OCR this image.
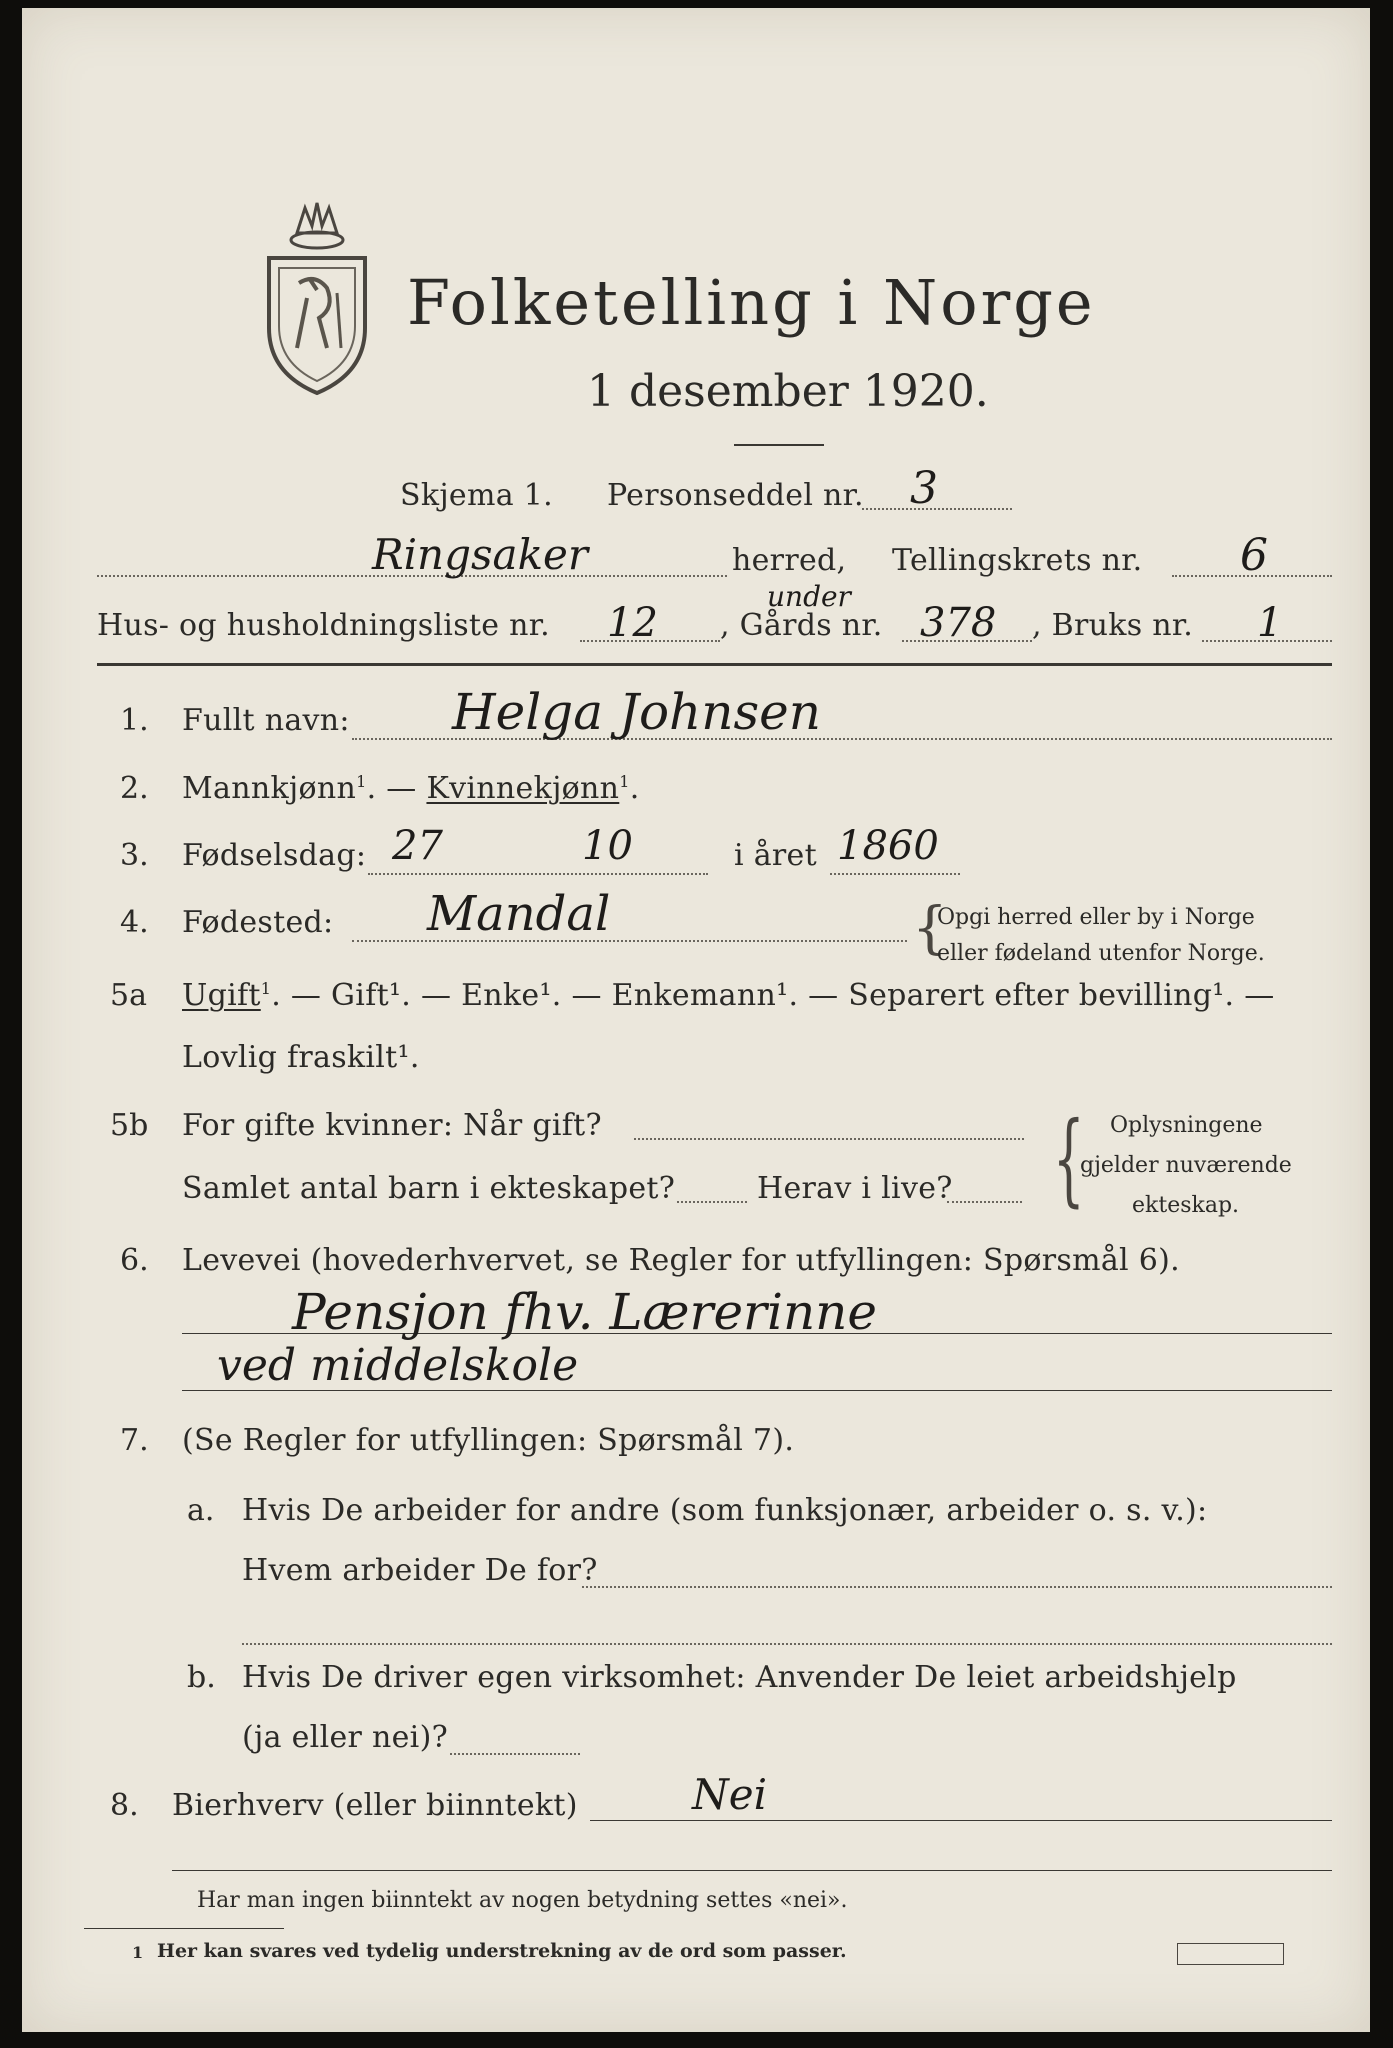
Folketelling i Norge
1 desember 1920.
Skjema 1. Personseddel nr. 3
Ringsaker	herred, Tellingskrets nr. 6
Hus- og husholdningsliste nr. 12 , Gårds nr.
under
378 , Bruks nr. 1
1. Fullt navn: Helga Johnsen
2. Mannkjønn$^1$. — Kvinnekjønn$^1$.
3. Fødselsdag: 27	10	i året 1860
4. Fødested: Mandal	{
Opgi herred eller by i Norge
eller fødeland utenfor Norge.
5a Ugift$^1$. — Gift¹. — Enke¹. — Enkemann¹. — Separert efter bevilling¹. —
Lovlig fraskilt¹.
5b For gifte kvinner: Når gift?
Samlet antal barn i ekteskapet?	Herav i live? { Oplysningene
gjelder nuværende
ekteskap.
6. Levevei (hovederhvervet, se Regler for utfyllingen: Spørsmål 6).
Pensjon fhv. Lærerinne
ved middelskole
7. (Se Regler for utfyllingen: Spørsmål 7).
a. Hvis De arbeider for andre (som funksjonær, arbeider o. s. v.):
Hvem arbeider De for?
b. Hvis De driver egen virksomhet: Anvender De leiet arbeidshjelp
(ja eller nei)?
8. Bierhverv (eller biinntekt)	Nei
Har man ingen biinntekt av nogen betydning settes «nei».
1 Her kan svares ved tydelig understrekning av de ord som passer.
